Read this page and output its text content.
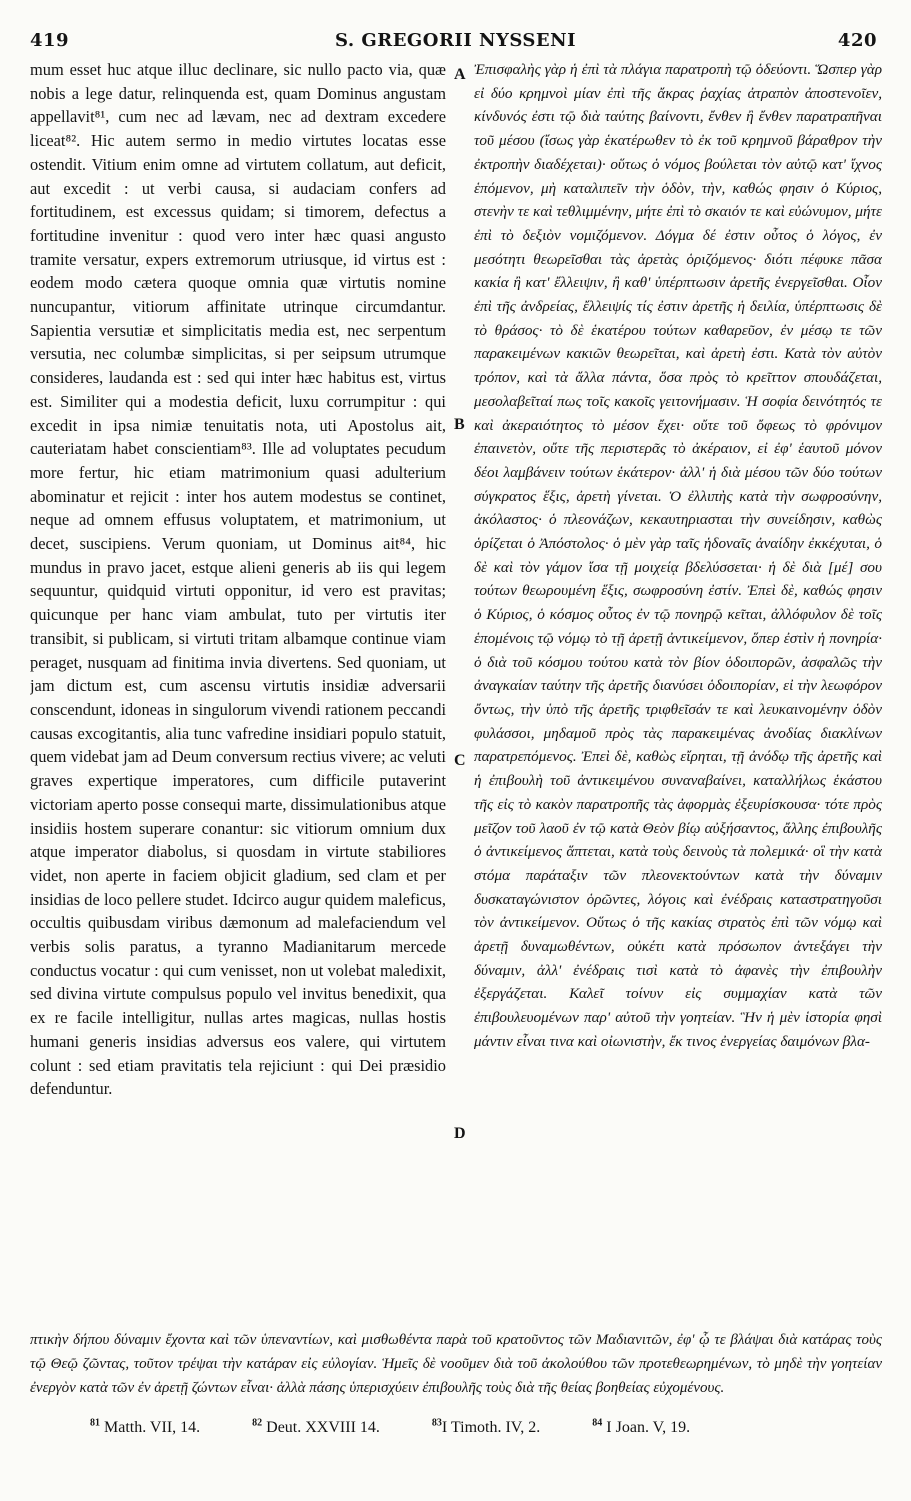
S. GREGORII NYSSENI
419	420
mum esset huc atque illuc declinare, sic nullo pacto via, quæ nobis a lege datur, relinquenda est, quam Dominus angustam appellavit⁸¹, cum nec ad lævam, nec ad dextram excedere liceat⁸². Hic autem sermo in medio virtutes locatas esse ostendit. Vitium enim omne ad virtutem collatum, aut deficit, aut excedit : ut verbi causa, si audaciam confers ad fortitudinem, est excessus quidam; si timorem, defectus a fortitudine invenitur : quod vero inter hæc quasi angusto tramite versatur, expers extremorum utriusque, id virtus est : eodem modo cætera quoque omnia quæ virtutis nomine nuncupantur, vitiorum affinitate utrinque circumdantur. Sapientia versutiæ et simplicitatis media est, nec serpentum versutia, nec columbæ simplicitas, si per seipsum utrumque consideres, laudanda est : sed qui inter hæc habitus est, virtus est. Similiter qui a modestia deficit, luxu corrumpitur : qui excedit in ipsa nimiæ tenuitatis nota, uti Apostolus ait, cauteriatam habet conscientiam⁸³. Ille ad voluptates pecudum more fertur, hic etiam matrimonium quasi adulterium abominatur et rejicit : inter hos autem modestus se continet, neque ad omnem effusus voluptatem, et matrimonium, ut decet, suscipiens. Verum quoniam, ut Dominus ait⁸⁴, hic mundus in pravo jacet, estque alieni generis ab iis qui legem sequuntur, quidquid virtuti opponitur, id vero est pravitas; quicunque per hanc viam ambulat, tuto per virtutis iter transibit, si publicam, si virtuti tritam albamque continue viam peraget, nusquam ad finitima invia divertens. Sed quoniam, ut jam dictum est, cum ascensu virtutis insidiæ adversarii conscendunt, idoneas in singulorum vivendi rationem peccandi causas excogitantis, alia tunc vafredine insidiari populo statuit, quem videbat jam ad Deum conversum rectius vivere; ac veluti graves expertique imperatores, cum difficile putaverint victoriam aperto posse consequi marte, dissimulationibus atque insidiis hostem superare conantur: sic vitiorum omnium dux atque imperator diabolus, si quosdam in virtute stabiliores videt, non aperte in faciem objicit gladium, sed clam et per insidias de loco pellere studet. Idcirco augur quidem maleficus, occultis quibusdam viribus dæmonum ad malefaciendum vel verbis solis paratus, a tyranno Madianitarum mercede conductus vocatur : qui cum venisset, non ut volebat maledixit, sed divina virtute compulsus populo vel invitus benedixit, qua ex re facile intelligitur, nullas artes magicas, nullas hostis humani generis insidias adversus eos valere, qui virtutem colunt : sed etiam pravitatis tela rejiciunt : qui Dei præsidio defenduntur.
A
B
C
D
Ἐπισφαλὴς γὰρ ἡ ἐπὶ τὰ πλάγια παρατροπὴ τῷ ὁδεύοντι. Ὥσπερ γὰρ εἰ δύο κρημνοὶ μίαν ἐπὶ τῆς ἄκρας ῥαχίας ἀτραπὸν ἀποστενοῖεν, κίνδυνός ἐστι τῷ διὰ ταύτης βαίνοντι, ἔνθεν ἢ ἔνθεν παρατραπῆναι τοῦ μέσου (ἴσως γὰρ ἑκατέρωθεν τὸ ἐκ τοῦ κρημνοῦ βάραθρον τὴν ἐκτροπὴν διαδέχεται)· οὕτως ὁ νόμος βούλεται τὸν αὐτῷ κατ' ἴχνος ἑπόμενον, μὴ καταλιπεῖν τὴν ὁδὸν, τὴν, καθώς φησιν ὁ Κύριος, στενὴν τε καὶ τεθλιμμένην, μήτε ἐπὶ τὸ σκαιόν τε καὶ εὐώνυμον, μήτε ἐπὶ τὸ δεξιὸν νομιζόμενον. Δόγμα δέ ἐστιν οὗτος ὁ λόγος, ἐν μεσότητι θεωρεῖσθαι τὰς ἀρετὰς ὁριζόμενος· διότι πέφυκε πᾶσα κακία ἢ κατ' ἔλλειψιν, ἢ καθ' ὑπέρπτωσιν ἀρετῆς ἐνεργεῖσθαι. Οἷον ἐπὶ τῆς ἀνδρείας, ἔλλειψίς τίς ἐστιν ἀρετῆς ἡ δειλία, ὑπέρπτωσις δὲ τὸ θράσος· τὸ δὲ ἑκατέρου τούτων καθαρεῦον, ἐν μέσῳ τε τῶν παρακειμένων κακιῶν θεωρεῖται, καὶ ἀρετὴ ἐστι. Κατὰ τὸν αὐτὸν τρόπον, καὶ τὰ ἄλλα πάντα, ὅσα πρὸς τὸ κρεῖττον σπουδάζεται, μεσολαβεῖταί πως τοῖς κακοῖς γειτονήμασιν. Ἡ σοφία δεινότητός τε καὶ ἀκεραιότητος τὸ μέσον ἔχει· οὔτε τοῦ ὄφεως τὸ φρόνιμον ἐπαινετὸν, οὔτε τῆς περιστερᾶς τὸ ἀκέραιον, εἰ ἐφ' ἑαυτοῦ μόνον δέοι λαμβάνειν τούτων ἑκάτερον· ἀλλ' ἡ διὰ μέσου τῶν δύο τούτων σύγκρατος ἕξις, ἀρετὴ γίνεται. Ὁ ἐλλιπὴς κατὰ τὴν σωφροσύνην, ἀκόλαστος· ὁ πλεονάζων, κεκαυτηριασται τὴν συνείδησιν, καθὼς ὁρίζεται ὁ Ἀπόστολος· ὁ μὲν γὰρ ταῖς ἡδοναῖς ἀναίδην ἐκκέχυται, ὁ δὲ καὶ τὸν γάμον ἴσα τῇ μοιχείᾳ βδελύσσεται· ἡ δὲ διὰ [μέ] σου τούτων θεωρουμένη ἕξις, σωφροσύνη ἐστίν. Ἐπεὶ δὲ, καθώς φησιν ὁ Κύριος, ὁ κόσμος οὗτος ἐν τῷ πονηρῷ κεῖται, ἀλλόφυλον δὲ τοῖς ἑπομένοις τῷ νόμῳ τὸ τῇ ἀρετῇ ἀντικείμενον, ὅπερ ἐστὶν ἡ πονηρία· ὁ διὰ τοῦ κόσμου τούτου κατὰ τὸν βίον ὁδοιπορῶν, ἀσφαλῶς τὴν ἀναγκαίαν ταύτην τῆς ἀρετῆς διανύσει ὁδοιπορίαν, εἰ τὴν λεωφόρον ὄντως, τὴν ὑπὸ τῆς ἀρετῆς τριφθεῖσάν τε καὶ λευκαινομένην ὁδὸν φυλάσσοι, μηδαμοῦ πρὸς τὰς παρακειμένας ἀνοδίας διακλίνων παρατρεπόμενος. Ἐπεὶ δὲ, καθὼς εἴρηται, τῇ ἀνόδῳ τῆς ἀρετῆς καὶ ἡ ἐπιβουλὴ τοῦ ἀντικειμένου συναναβαίνει, καταλλήλως ἑκάστου τῆς εἰς τὸ κακὸν παρατροπῆς τὰς ἀφορμὰς ἐξευρίσκουσα· τότε πρὸς μεῖζον τοῦ λαοῦ ἐν τῷ κατὰ Θεὸν βίῳ αὐξήσαντος, ἄλλης ἐπιβουλῆς ὁ ἀντικείμενος ἅπτεται, κατὰ τοὺς δεινοὺς τὰ πολεμικά· οἳ τὴν κατὰ στόμα παράταξιν τῶν πλεονεκτούντων κατὰ τὴν δύναμιν δυσκαταγώνιστον ὁρῶντες, λόγοις καὶ ἐνέδραις καταστρατηγοῦσι τὸν ἀντικείμενον. Οὕτως ὁ τῆς κακίας στρατὸς ἐπὶ τῶν νόμῳ καὶ ἀρετῇ δυναμωθέντων, οὐκέτι κατὰ πρόσωπον ἀντεξάγει τὴν δύναμιν, ἀλλ' ἐνέδραις τισὶ κατὰ τὸ ἀφανὲς τὴν ἐπιβουλὴν ἐξεργάζεται. Καλεῖ τοίνυν εἰς συμμαχίαν κατὰ τῶν ἐπιβουλευομένων παρ' αὐτοῦ τὴν γοητείαν. Ἣν ἡ μὲν ἱστορία φησὶ μάντιν εἶναι τινα καὶ οἰωνιστὴν, ἔκ τινος ἐνεργείας δαιμόνων βλα-
πτικὴν δήπου δύναμιν ἔχοντα καὶ τῶν ὑπεναντίων, καὶ μισθωθέντα παρὰ τοῦ κρατοῦντος τῶν Μαδιανιτῶν, ἐφ' ᾧ τε βλάψαι διὰ κατάρας τοὺς τῷ Θεῷ ζῶντας, τοῦτον τρέψαι τὴν κατάραν εἰς εὐλογίαν. Ἡμεῖς δὲ νοοῦμεν διὰ τοῦ ἀκολούθου τῶν προτεθεωρημένων, τὸ μηδὲ τὴν γοητείαν ἐνεργὸν κατὰ τῶν ἐν ἀρετῇ ζώντων εἶναι· ἀλλὰ πάσης ὑπερισχύειν ἐπιβουλῆς τοὺς διὰ τῆς θείας βοηθείας εὐχομένους.
$^{81}$ Matth. VII, 14.	$^{82}$ Deut. XXVIII 14.	$^{83}$I Timoth. IV, 2.	$^{84}$ I Joan. V, 19.
